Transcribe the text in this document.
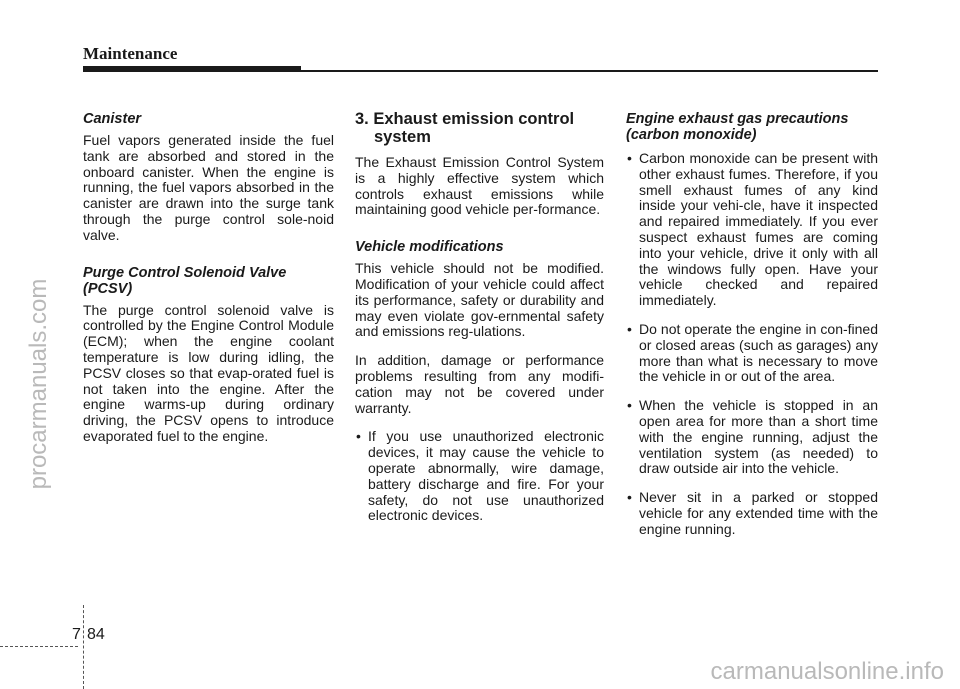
Maintenance
Canister

Fuel vapors generated inside the fuel tank are absorbed and stored in the onboard canister. When the engine is running, the fuel vapors absorbed in the canister are drawn into the surge tank through the purge control sole-noid valve.

Purge Control Solenoid Valve (PCSV)

The purge control solenoid valve is controlled by the Engine Control Module (ECM); when the engine coolant temperature is low during idling, the PCSV closes so that evap-orated fuel is not taken into the engine. After the engine warms-up during ordinary driving, the PCSV opens to introduce evaporated fuel to the engine.

3. Exhaust emission control
system

The Exhaust Emission Control System is a highly effective system which controls exhaust emissions while maintaining good vehicle per-formance.

Vehicle modifications

This vehicle should not be modified. Modification of your vehicle could affect its performance, safety or durability and may even violate gov-ernmental safety and emissions reg-ulations.

In addition, damage or performance problems resulting from any modifi-cation may not be covered under warranty.

• If you use unauthorized electronic devices, it may cause the vehicle to operate abnormally, wire damage, battery discharge and fire. For your safety, do not use unauthorized electronic devices.
Engine exhaust gas precautions
(carbon monoxide)
• Carbon monoxide can be present with other exhaust fumes. Therefore, if you smell exhaust fumes of any kind inside your vehi-cle, have it inspected and repaired immediately. If you ever suspect exhaust fumes are coming into your vehicle, drive it only with all the windows fully open. Have your vehicle checked and repaired immediately.
• Do not operate the engine in con-fined or closed areas (such as garages) any more than what is necessary to move the vehicle in or out of the area.
• When the vehicle is stopped in an open area for more than a short time with the engine running, adjust the ventilation system (as needed) to draw outside air into the vehicle.
• Never sit in a parked or stopped vehicle for any extended time with the engine running.
7 84
procarmanuals.com
carmanualsonline.info
